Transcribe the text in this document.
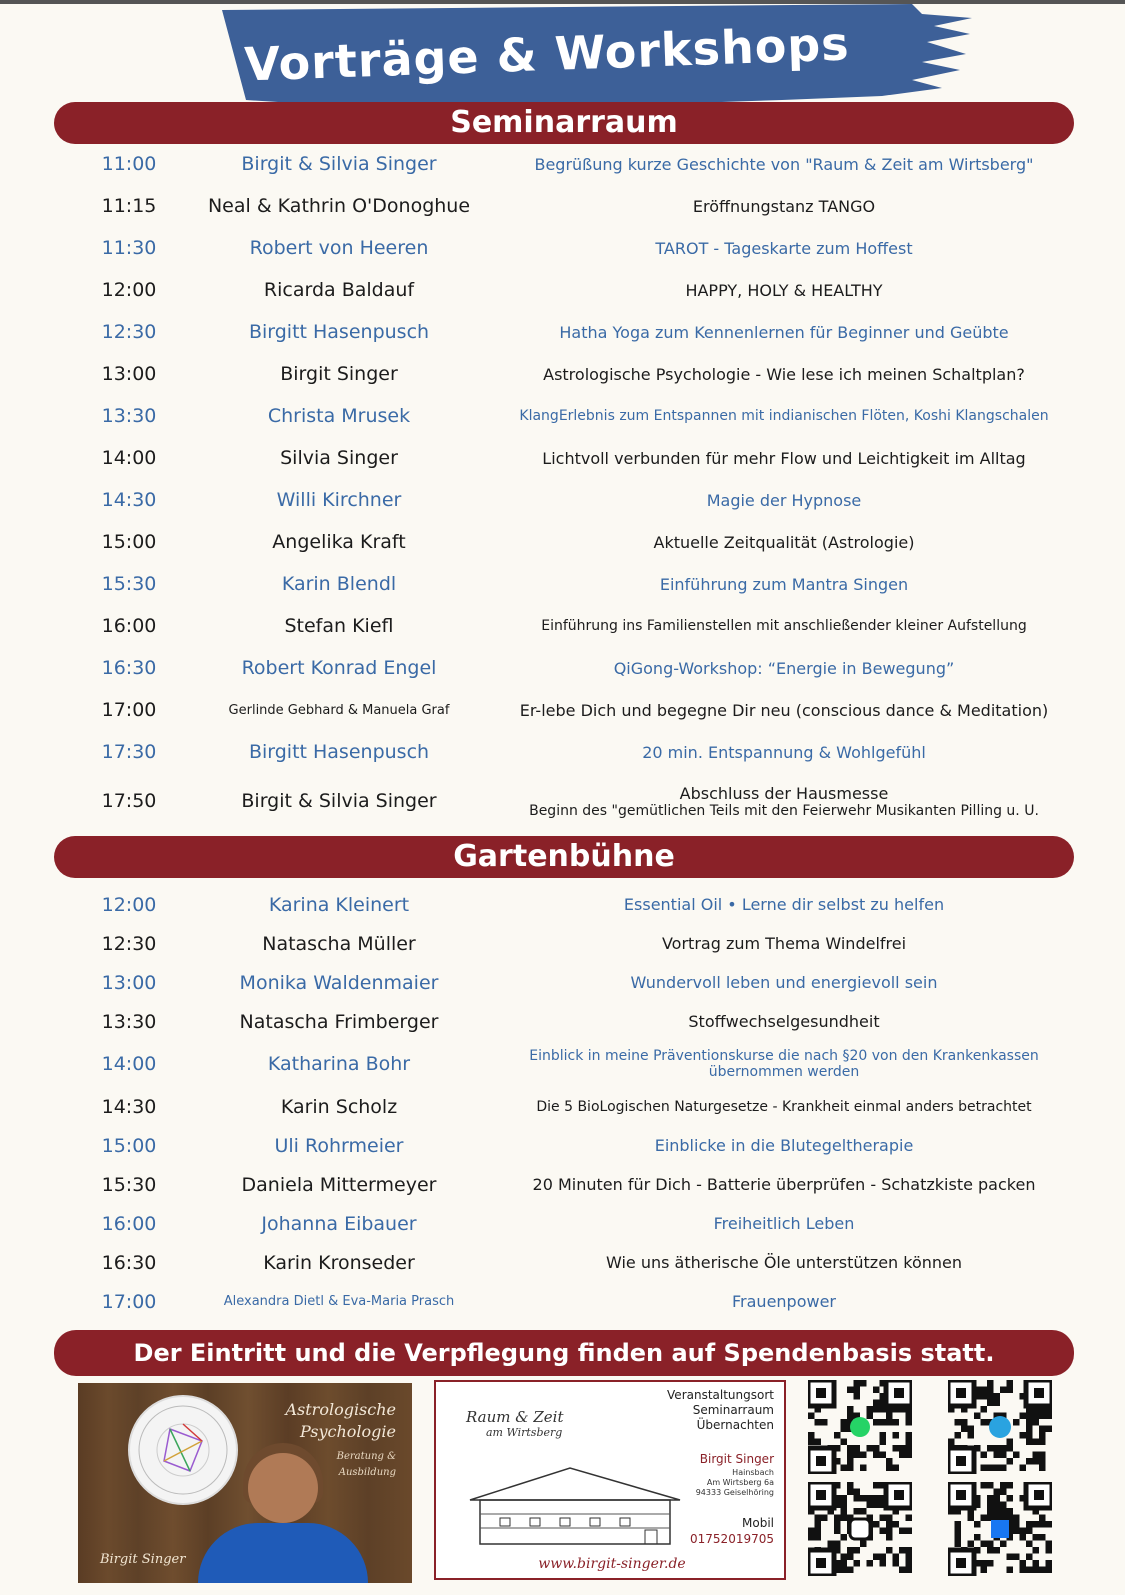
Vorträge & Workshops
Seminarraum
11:00	Birgit & Silvia Singer	Begrüßung kurze Geschichte von "Raum & Zeit am Wirtsberg"
11:15	Neal & Kathrin O'Donoghue	Eröffnungstanz TANGO
11:30	Robert von Heeren	TAROT - Tageskarte zum Hoffest
12:00	Ricarda Baldauf	HAPPY, HOLY & HEALTHY
12:30	Birgitt Hasenpusch	Hatha Yoga zum Kennenlernen für Beginner und Geübte
13:00	Birgit Singer	Astrologische Psychologie - Wie lese ich meinen Schaltplan?
13:30	Christa Mrusek	KlangErlebnis zum Entspannen mit indianischen Flöten, Koshi Klangschalen
14:00	Silvia Singer	Lichtvoll verbunden für mehr Flow und Leichtigkeit im Alltag
14:30	Willi Kirchner	Magie der Hypnose
15:00	Angelika Kraft	Aktuelle Zeitqualität (Astrologie)
15:30	Karin Blendl	Einführung zum Mantra Singen
16:00	Stefan Kiefl	Einführung ins Familienstellen mit anschließender kleiner Aufstellung
16:30	Robert Konrad Engel	QiGong-Workshop: “Energie in Bewegung”
17:00	Gerlinde Gebhard & Manuela Graf	Er-lebe Dich und begegne Dir neu (conscious dance & Meditation)
17:30	Birgitt Hasenpusch	20 min. Entspannung & Wohlgefühl
17:50	Birgit & Silvia Singer	Abschluss der Hausmesse
Beginn des "gemütlichen Teils mit den Feierwehr Musikanten Pilling u. U.
Gartenbühne
12:00	Karina Kleinert	Essential Oil • Lerne dir selbst zu helfen
12:30	Natascha Müller	Vortrag zum Thema Windelfrei
13:00	Monika Waldenmaier	Wundervoll leben und energievoll sein
13:30	Natascha Frimberger	Stoffwechselgesundheit
14:00	Katharina Bohr	Einblick in meine Präventionskurse die nach §20 von den Krankenkassen
übernommen werden
14:30	Karin Scholz	Die 5 BioLogischen Naturgesetze - Krankheit einmal anders betrachtet
15:00	Uli Rohrmeier	Einblicke in die Blutegeltherapie
15:30	Daniela Mittermeyer	20 Minuten für Dich - Batterie überprüfen - Schatzkiste packen
16:00	Johanna Eibauer	Freiheitlich Leben
16:30	Karin Kronseder	Wie uns ätherische Öle unterstützen können
17:00	Alexandra Dietl & Eva-Maria Prasch	Frauenpower
Der Eintritt und die Verpflegung finden auf Spendenbasis statt.
Astrologische
Psychologie
Beratung &
Ausbildung
Birgit Singer
Raum & Zeit
am Wirtsberg
Veranstaltungsort
Seminarraum
Übernachten
Birgit Singer
Hainsbach
Am Wirtsberg 6a
94333 Geiselhöring
Mobil
01752019705
www.birgit-singer.de
